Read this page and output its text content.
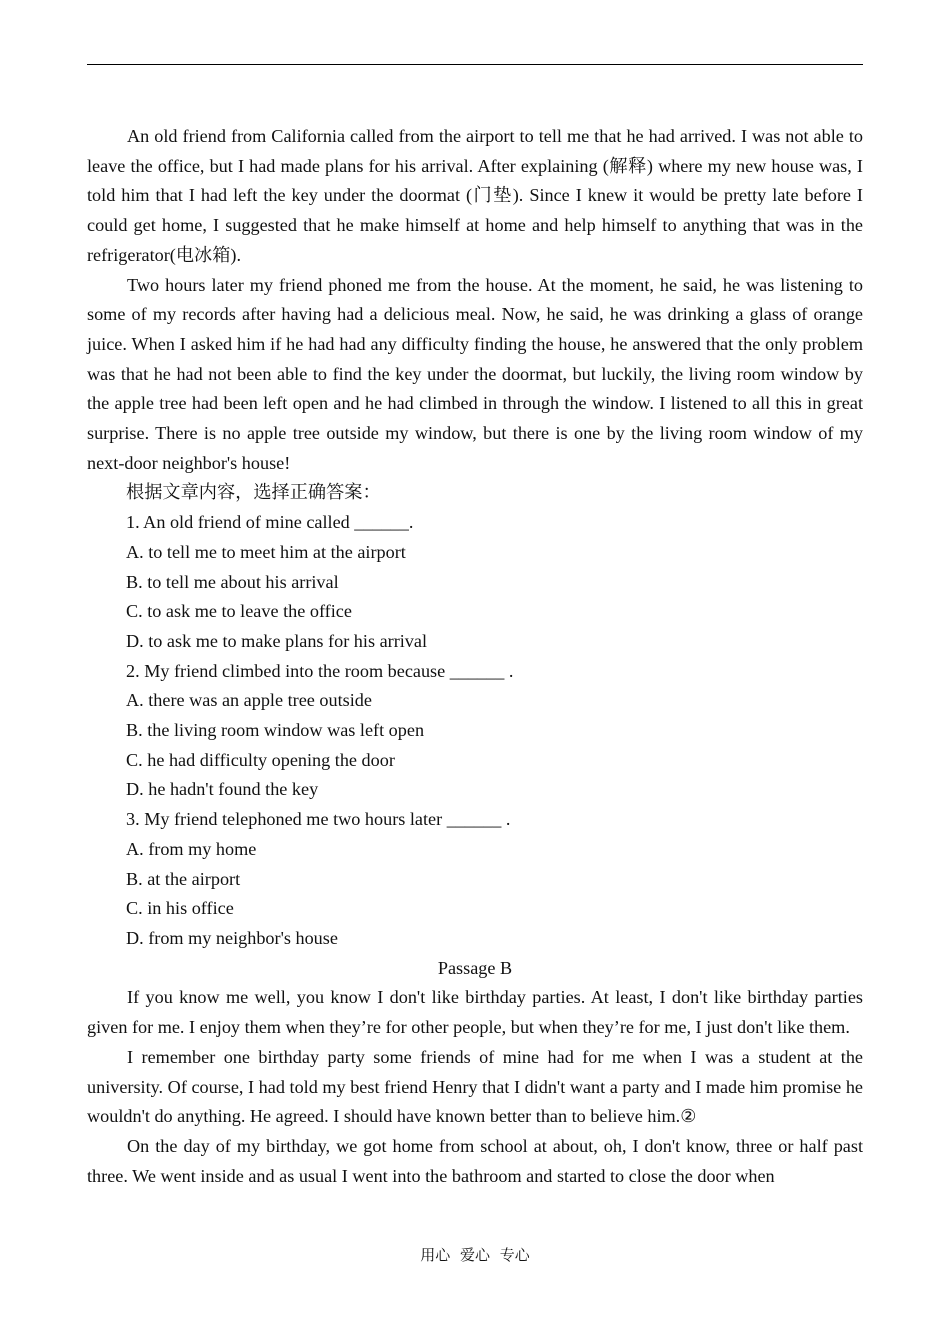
An old friend from California called from the airport to tell me that he had arrived. I was not able to leave the office, but I had made plans for his arrival. After explaining (解释) where my new house was, I told him that I had left the key under the doormat (门垫). Since I knew it would be pretty late before I could get home, I suggested that he make himself at home and help himself to anything that was in the refrigerator(电冰箱).

Two hours later my friend phoned me from the house. At the moment, he said, he was listening to some of my records after having had a delicious meal. Now, he said, he was drinking a glass of orange juice. When I asked him if he had had any difficulty finding the house, he answered that the only problem was that he had not been able to find the key under the doormat, but luckily, the living room window by the apple tree had been left open and he had climbed in through the window. I listened to all this in great surprise. There is no apple tree outside my window, but there is one by the living room window of my next-door neighbor's house!

根据文章内容，选择正确答案：

1. An old friend of mine called ______.

A. to tell me to meet him at the airport

B. to tell me about his arrival

C. to ask me to leave the office

D. to ask me to make plans for his arrival

2. My friend climbed into the room because ______ .

A. there was an apple tree outside

B. the living room window was left open

C. he had difficulty opening the door

D. he hadn't found the key

3. My friend telephoned me two hours later ______ .

A. from my home

B. at the airport

C. in his office

D. from my neighbor's house

Passage B

If you know me well, you know I don't like birthday parties. At least, I don't like birthday parties given for me. I enjoy them when they’re for other people, but when they’re for me, I just don't like them.

I remember one birthday party some friends of mine had for me when I was a student at the university. Of course, I had told my best friend Henry that I didn't want a party and I made him promise he wouldn't do anything. He agreed. I should have known better than to believe him.②

On the day of my birthday, we got home from school at about, oh, I don't know, three or half past three. We went inside and as usual I went into the bathroom and started to close the door when

用心 爱心 专心
